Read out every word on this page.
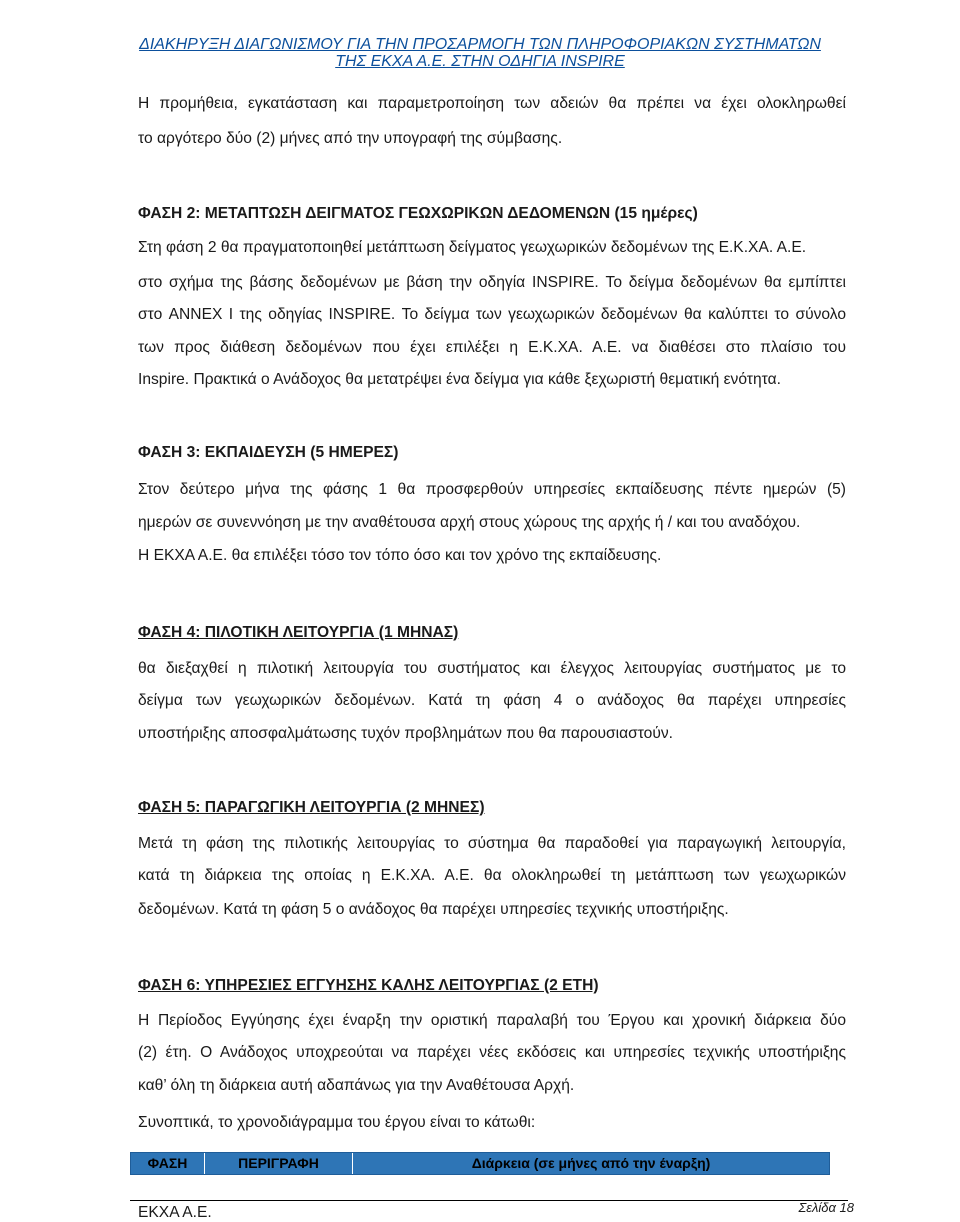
ΔΙΑΚΗΡΥΞΗ ΔΙΑΓΩΝΙΣΜΟΥ ΓΙΑ ΤΗΝ ΠΡΟΣΑΡΜΟΓΗ ΤΩΝ ΠΛΗΡΟΦΟΡΙΑΚΩΝ ΣΥΣΤΗΜΑΤΩΝ
ΤΗΣ ΕΚΧΑ Α.Ε. ΣΤΗΝ ΟΔΗΓΙΑ INSPIRE
Η προμήθεια, εγκατάσταση και παραμετροποίηση των αδειών θα πρέπει να έχει ολοκληρωθεί
το αργότερο δύο (2) μήνες από την υπογραφή της σύμβασης.
ΦΑΣΗ 2: ΜΕΤΑΠΤΩΣΗ ΔΕΙΓΜΑΤΟΣ ΓΕΩΧΩΡΙΚΩΝ ΔΕΔΟΜΕΝΩΝ (15 ημέρες)
Στη φάση 2 θα πραγματοποιηθεί μετάπτωση δείγματος γεωχωρικών δεδομένων της Ε.Κ.ΧΑ. Α.Ε.
στο σχήμα της βάσης δεδομένων με βάση την οδηγία INSPIRE. Το δείγμα δεδομένων θα εμπίπτει
στο ANNEX I της οδηγίας INSPIRE. Το δείγμα των γεωχωρικών δεδομένων θα καλύπτει το σύνολο
των προς διάθεση δεδομένων που έχει επιλέξει η Ε.Κ.ΧΑ. Α.Ε. να διαθέσει στο πλαίσιο του
Inspire. Πρακτικά ο Ανάδοχος θα μετατρέψει ένα δείγμα για κάθε ξεχωριστή θεματική ενότητα.
ΦΑΣΗ 3: ΕΚΠΑΙΔΕΥΣΗ (5 ΗΜΕΡΕΣ)
Στον δεύτερο μήνα της φάσης 1 θα προσφερθούν υπηρεσίες εκπαίδευσης πέντε ημερών (5)
ημερών σε συνεννόηση με την αναθέτουσα αρχή στους χώρους της αρχής ή / και του αναδόχου.
Η ΕΚΧΑ Α.Ε. θα επιλέξει τόσο τον τόπο όσο και τον χρόνο της εκπαίδευσης.
ΦΑΣΗ 4: ΠΙΛΟΤΙΚΗ ΛΕΙΤΟΥΡΓΙΑ (1 ΜΗΝΑΣ)
θα διεξαχθεί η πιλοτική λειτουργία του συστήματος και έλεγχος λειτουργίας συστήματος με το
δείγμα των γεωχωρικών δεδομένων. Κατά τη φάση 4 ο ανάδοχος θα παρέχει υπηρεσίες
υποστήριξης αποσφαλμάτωσης τυχόν προβλημάτων που θα παρουσιαστούν.
ΦΑΣΗ 5: ΠΑΡΑΓΩΓΙΚΗ ΛΕΙΤΟΥΡΓΙΑ (2 ΜΗΝΕΣ)
Μετά τη φάση της πιλοτικής λειτουργίας το σύστημα θα παραδοθεί για παραγωγική λειτουργία,
κατά τη διάρκεια της οποίας η Ε.Κ.ΧΑ. Α.Ε. θα ολοκληρωθεί τη μετάπτωση των γεωχωρικών
δεδομένων. Κατά τη φάση 5 ο ανάδοχος θα παρέχει υπηρεσίες τεχνικής υποστήριξης.
ΦΑΣΗ 6: ΥΠΗΡΕΣΙΕΣ ΕΓΓΥΗΣΗΣ ΚΑΛΗΣ ΛΕΙΤΟΥΡΓΙΑΣ (2 ΕΤΗ)
Η Περίοδος Εγγύησης έχει έναρξη την οριστική παραλαβή του Έργου και χρονική διάρκεια δύο
(2) έτη. Ο Ανάδοχος υποχρεούται να παρέχει νέες εκδόσεις και υπηρεσίες τεχνικής υποστήριξης
καθ’ όλη τη διάρκεια αυτή αδαπάνως για την Αναθέτουσα Αρχή.
Συνοπτικά, το χρονοδιάγραμμα του έργου είναι το κάτωθι:
ΦΑΣΗ	ΠΕΡΙΓΡΑΦΗ	Διάρκεια (σε μήνες από την έναρξη)
ΕΚΧΑ Α.Ε.	Σελίδα 18
